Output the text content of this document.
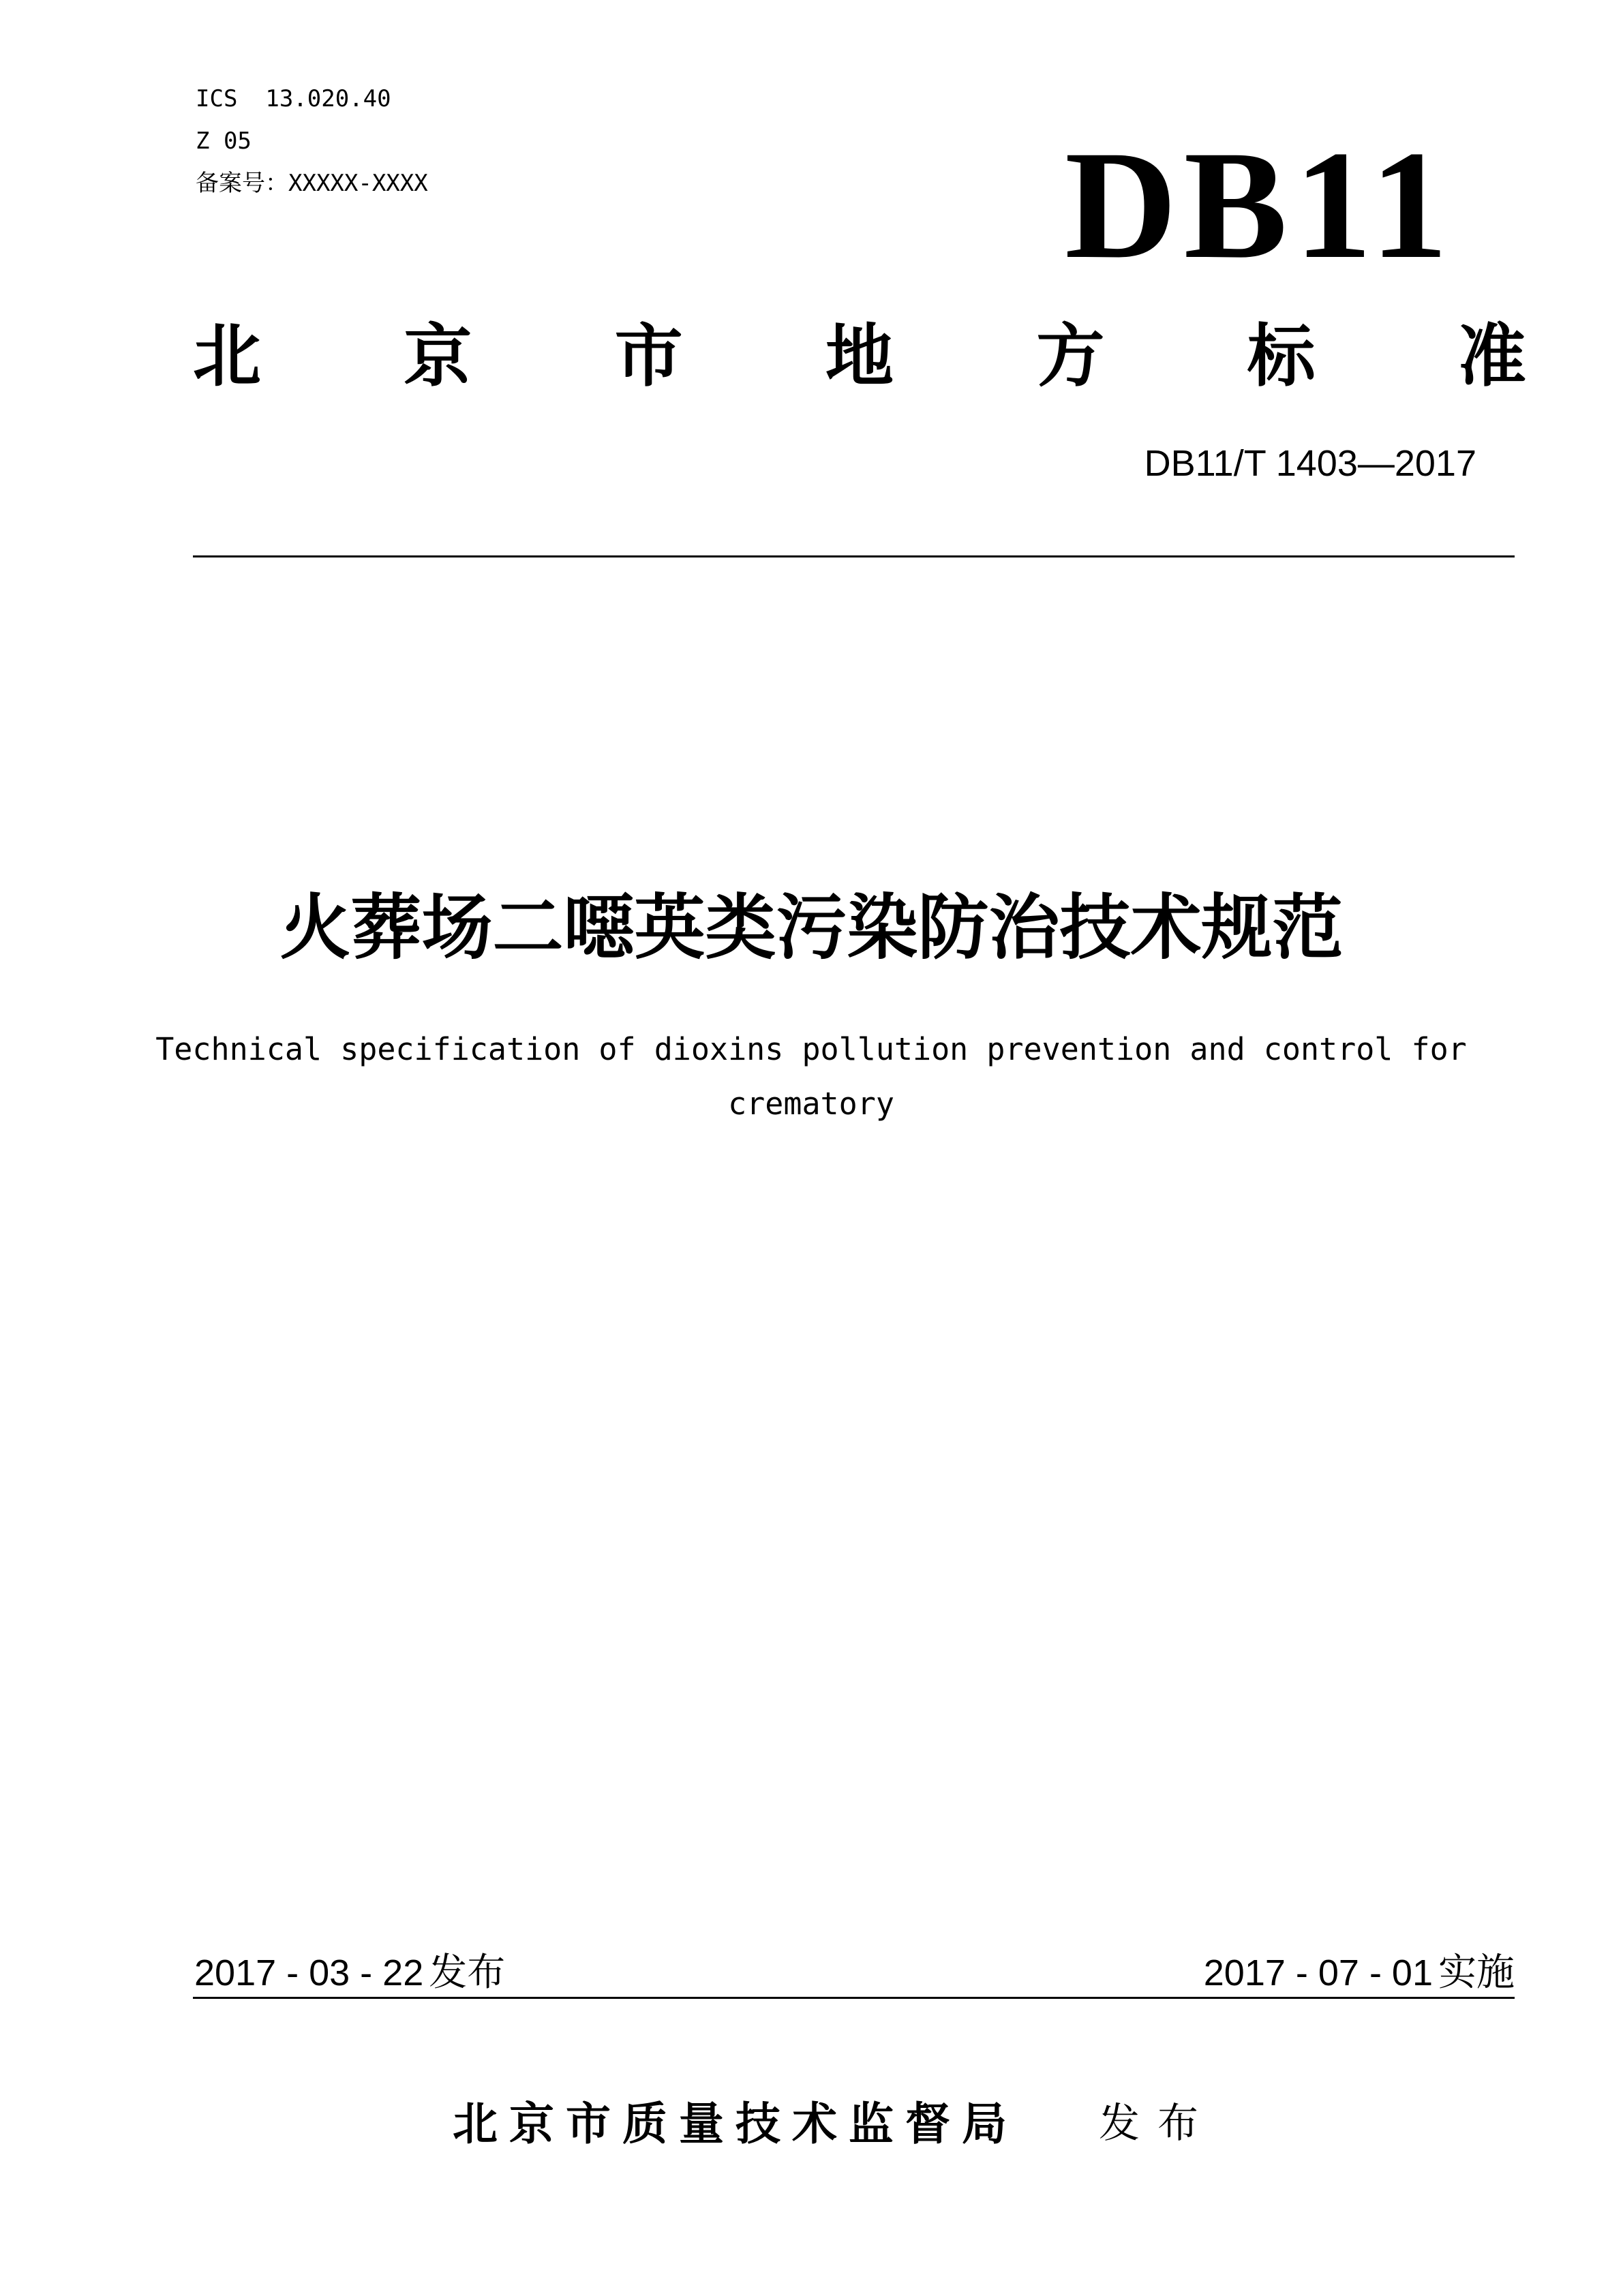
ICS  13.020.40
Z 05
备案号：XXXXX-XXXX	DB11
北 京 市 地 方 标 准
DB11/T 1403—2017
火葬场二噁英类污染防治技术规范

Technical specification of dioxins pollution prevention and control for crematory

2017 - 03 - 22 发布	2017 - 07 - 01 实施
北京市质量技术监督局 发布
